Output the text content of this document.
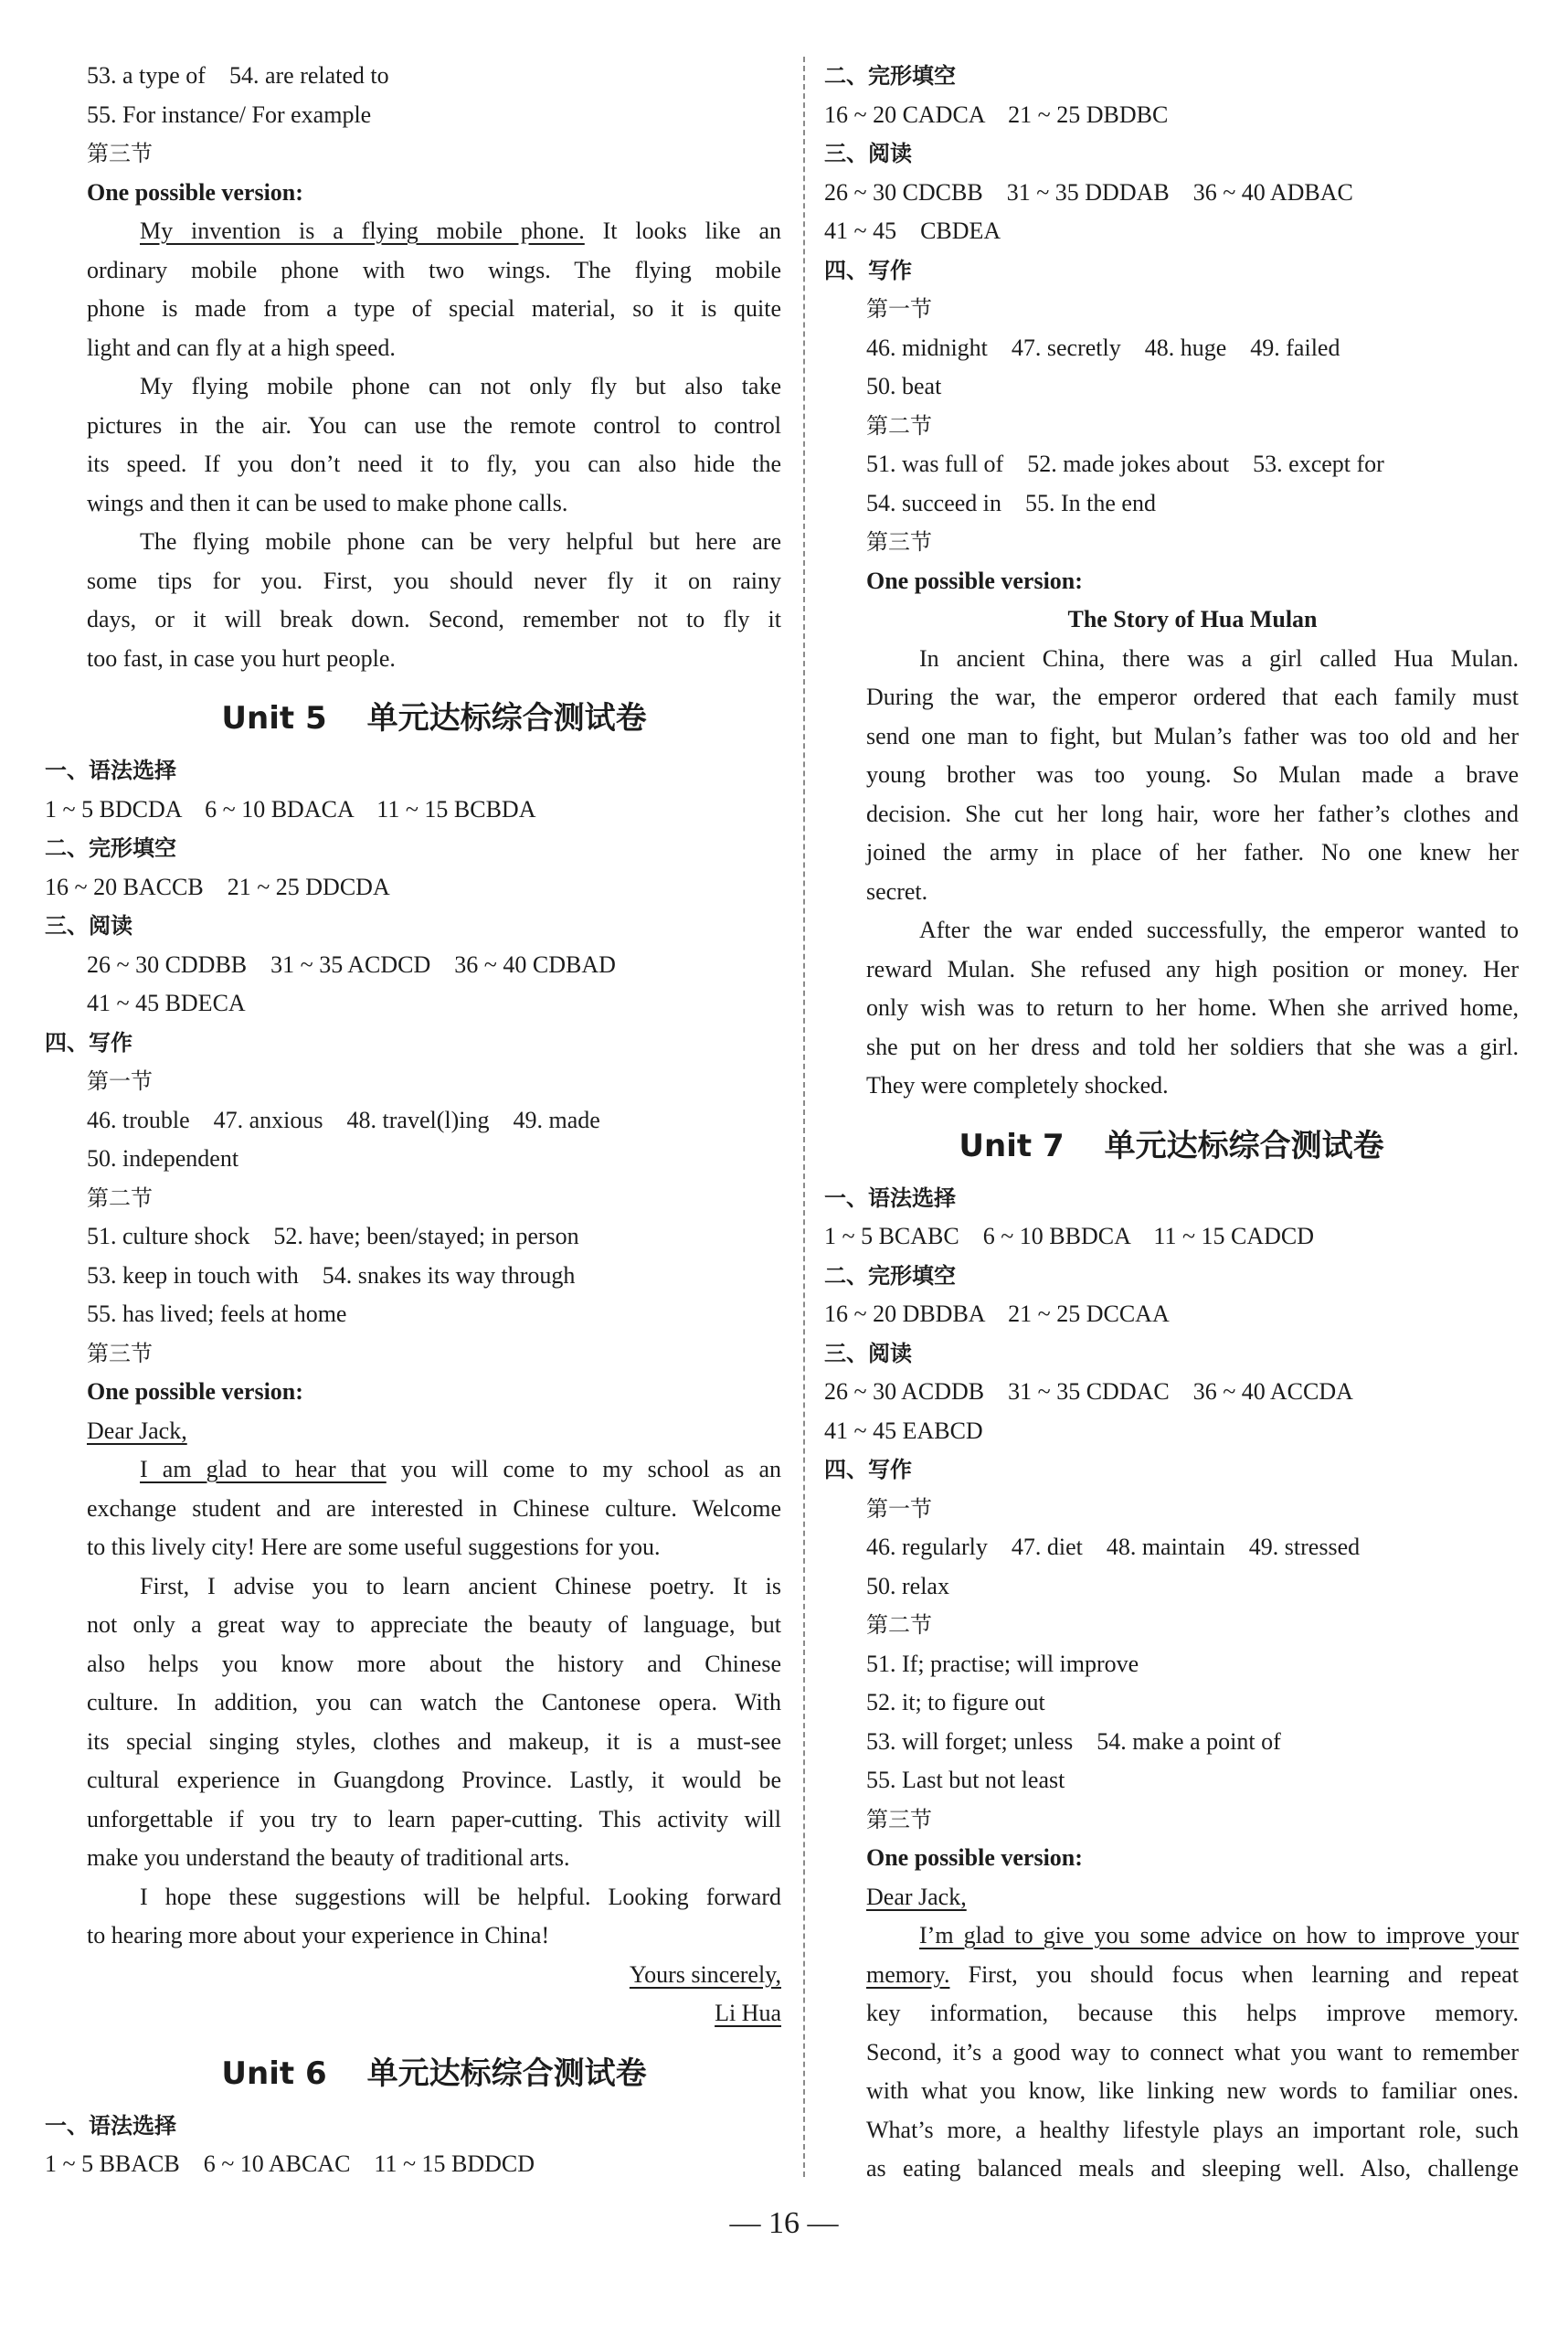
53. a type of    54. are related to

55. For instance/ For example

第三节

One possible version:

My invention is a flying mobile phone. It looks like an

ordinary mobile phone with two wings. The flying mobile

phone is made from a type of special material, so it is quite

light and can fly at a high speed.

My flying mobile phone can not only fly but also take

pictures in the air. You can use the remote control to control

its speed. If you don’t need it to fly, you can also hide the

wings and then it can be used to make phone calls.

The flying mobile phone can be very helpful but here are

some tips for you. First, you should never fly it on rainy

days, or it will break down. Second, remember not to fly it

too fast, in case you hurt people.

Unit 5 单元达标综合测试卷

一、语法选择

1 ~ 5 BDCDA    6 ~ 10 BDACA    11 ~ 15 BCBDA

二、完形填空

16 ~ 20 BACCB    21 ~ 25 DDCDA

三、阅读

26 ~ 30 CDDBB    31 ~ 35 ACDCD    36 ~ 40 CDBAD

41 ~ 45 BDECA

四、写作

第一节

46. trouble    47. anxious    48. travel(l)ing    49. made

50. independent

第二节

51. culture shock    52. have; been/stayed; in person

53. keep in touch with    54. snakes its way through

55. has lived; feels at home

第三节

One possible version:

Dear Jack,

I am glad to hear that you will come to my school as an

exchange student and are interested in Chinese culture. Welcome

to this lively city! Here are some useful suggestions for you.

First, I advise you to learn ancient Chinese poetry. It is

not only a great way to appreciate the beauty of language, but

also helps you know more about the history and Chinese

culture. In addition, you can watch the Cantonese opera. With

its special singing styles, clothes and makeup, it is a must-see

cultural experience in Guangdong Province. Lastly, it would be

unforgettable if you try to learn paper-cutting. This activity will

make you understand the beauty of traditional arts.

I hope these suggestions will be helpful. Looking forward

to hearing more about your experience in China!

Yours sincerely,

Li Hua

Unit 6 单元达标综合测试卷

一、语法选择

1 ~ 5 BBACB    6 ~ 10 ABCAC    11 ~ 15 BDDCD

二、完形填空

16 ~ 20 CADCA    21 ~ 25 DBDBC

三、阅读

26 ~ 30 CDCBB    31 ~ 35 DDDAB    36 ~ 40 ADBAC

41 ~ 45    CBDEA

四、写作

第一节

46. midnight    47. secretly    48. huge    49. failed

50. beat

第二节

51. was full of    52. made jokes about    53. except for

54. succeed in    55. In the end

第三节

One possible version:

The Story of Hua Mulan

In ancient China, there was a girl called Hua Mulan.

During the war, the emperor ordered that each family must

send one man to fight, but Mulan’s father was too old and her

young brother was too young. So Mulan made a brave

decision. She cut her long hair, wore her father’s clothes and

joined the army in place of her father. No one knew her

secret.

After the war ended successfully, the emperor wanted to

reward Mulan. She refused any high position or money. Her

only wish was to return to her home. When she arrived home,

she put on her dress and told her soldiers that she was a girl.

They were completely shocked.

Unit 7 单元达标综合测试卷

一、语法选择

1 ~ 5 BCABC    6 ~ 10 BBDCA    11 ~ 15 CADCD

二、完形填空

16 ~ 20 DBDBA    21 ~ 25 DCCAA

三、阅读

26 ~ 30 ACDDB    31 ~ 35 CDDAC    36 ~ 40 ACCDA

41 ~ 45 EABCD

四、写作

第一节

46. regularly    47. diet    48. maintain    49. stressed

50. relax

第二节

51. If; practise; will improve

52. it; to figure out

53. will forget; unless    54. make a point of

55. Last but not least

第三节

One possible version:

Dear Jack,

I’m glad to give you some advice on how to improve your

memory. First, you should focus when learning and repeat

key information, because this helps improve memory.

Second, it’s a good way to connect what you want to remember

with what you know, like linking new words to familiar ones.

What’s more, a healthy lifestyle plays an important role, such

as eating balanced meals and sleeping well. Also, challenge

— 16 —
